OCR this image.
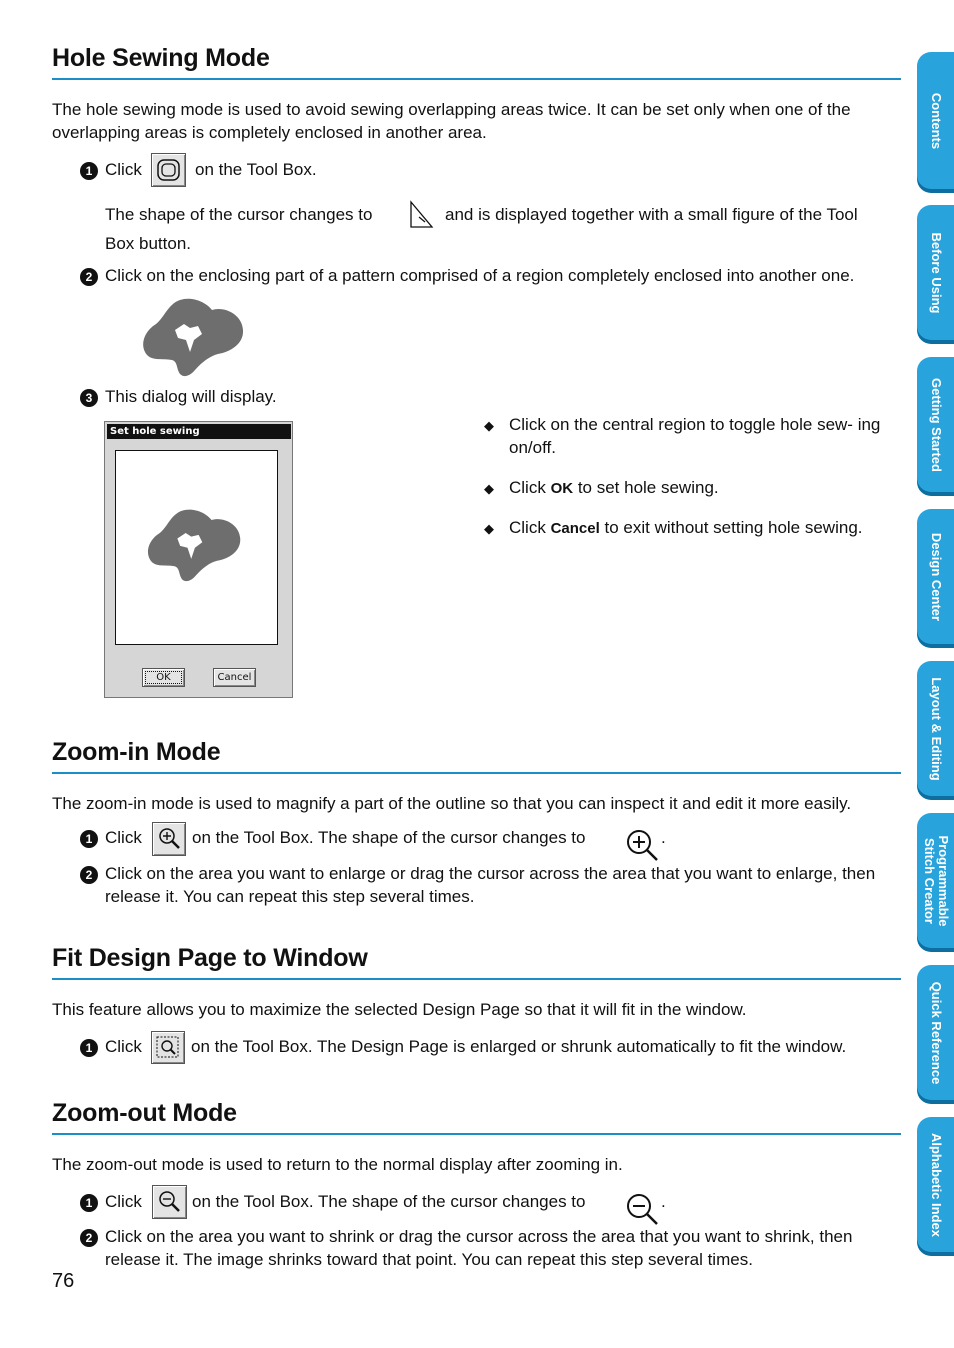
Contents
Before Using
Getting Started
Design Center
Layout & Editing
Programmable Stitch Creator
Quick Reference
Alphabetic Index
Hole Sewing Mode

The hole sewing mode is used to avoid sewing overlapping areas twice. It can be set only when one of the overlapping areas is completely enclosed in another area.

1 Click	on the Tool Box.
The shape of the cursor changes to	and is displayed together with a small figure of the Tool
Box button.
2 Click on the enclosing part of a pattern comprised of a region completely enclosed into another one.
3 This dialog will display.
Set hole sewing
OK	Cancel
◆ Click on the central region to toggle hole sew- ing on/off.

◆ Click OK to set hole sewing.

◆ Click Cancel to exit without setting hole sewing.

Zoom-in Mode

The zoom-in mode is used to magnify a part of the outline so that you can inspect it and edit it more easily.

1 Click	on the Tool Box. The shape of the cursor changes to	.
2 Click on the area you want to enlarge or drag the cursor across the area that you want to enlarge, then release it. You can repeat this step several times.

Fit Design Page to Window

This feature allows you to maximize the selected Design Page so that it will fit in the window.

1 Click	on the Tool Box. The Design Page is enlarged or shrunk automatically to fit the window.
Zoom-out Mode

The zoom-out mode is used to return to the normal display after zooming in.

1 Click	on the Tool Box. The shape of the cursor changes to	.
2 Click on the area you want to shrink or drag the cursor across the area that you want to shrink, then release it. The image shrinks toward that point. You can repeat this step several times.

76
